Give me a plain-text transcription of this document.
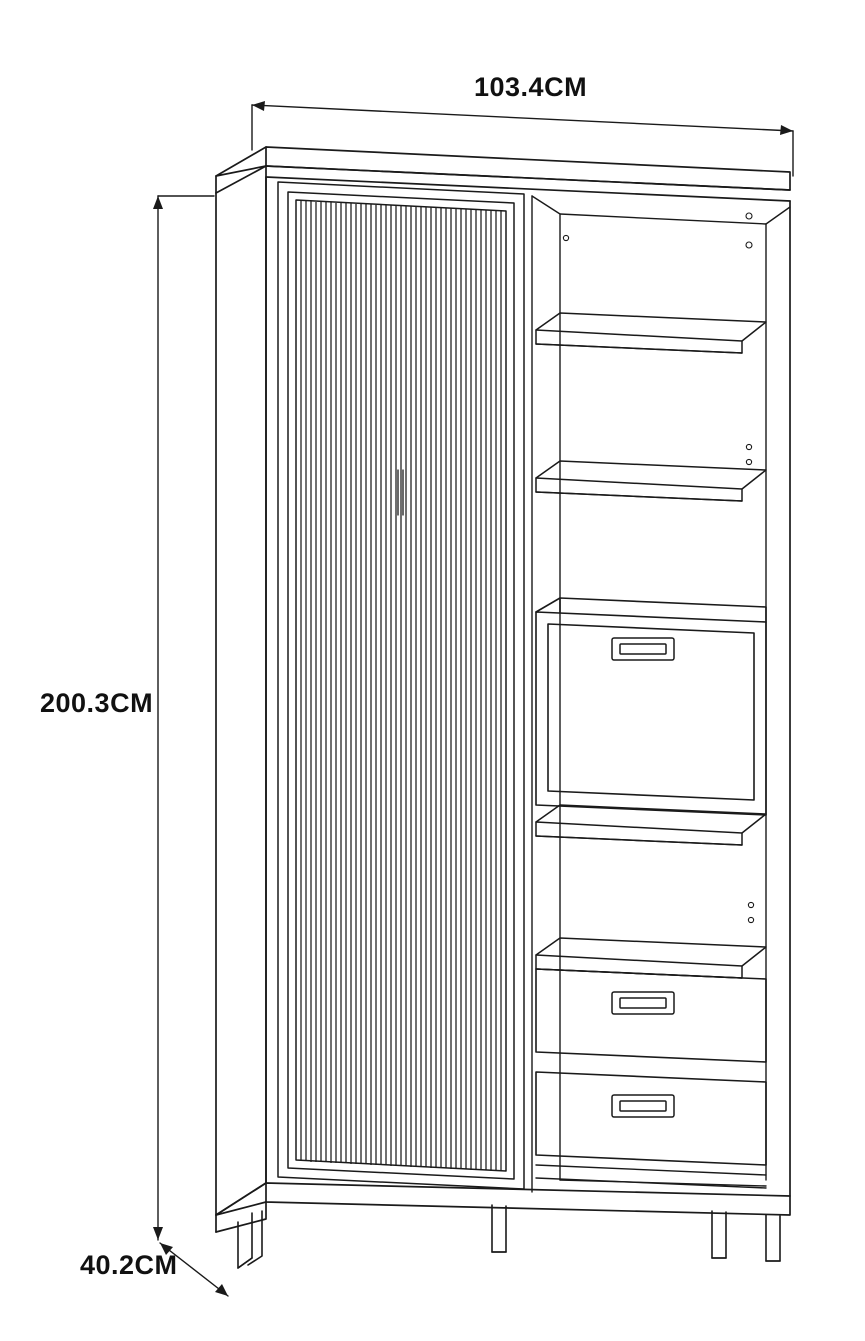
103.4CM
200.3CM
40.2CM
